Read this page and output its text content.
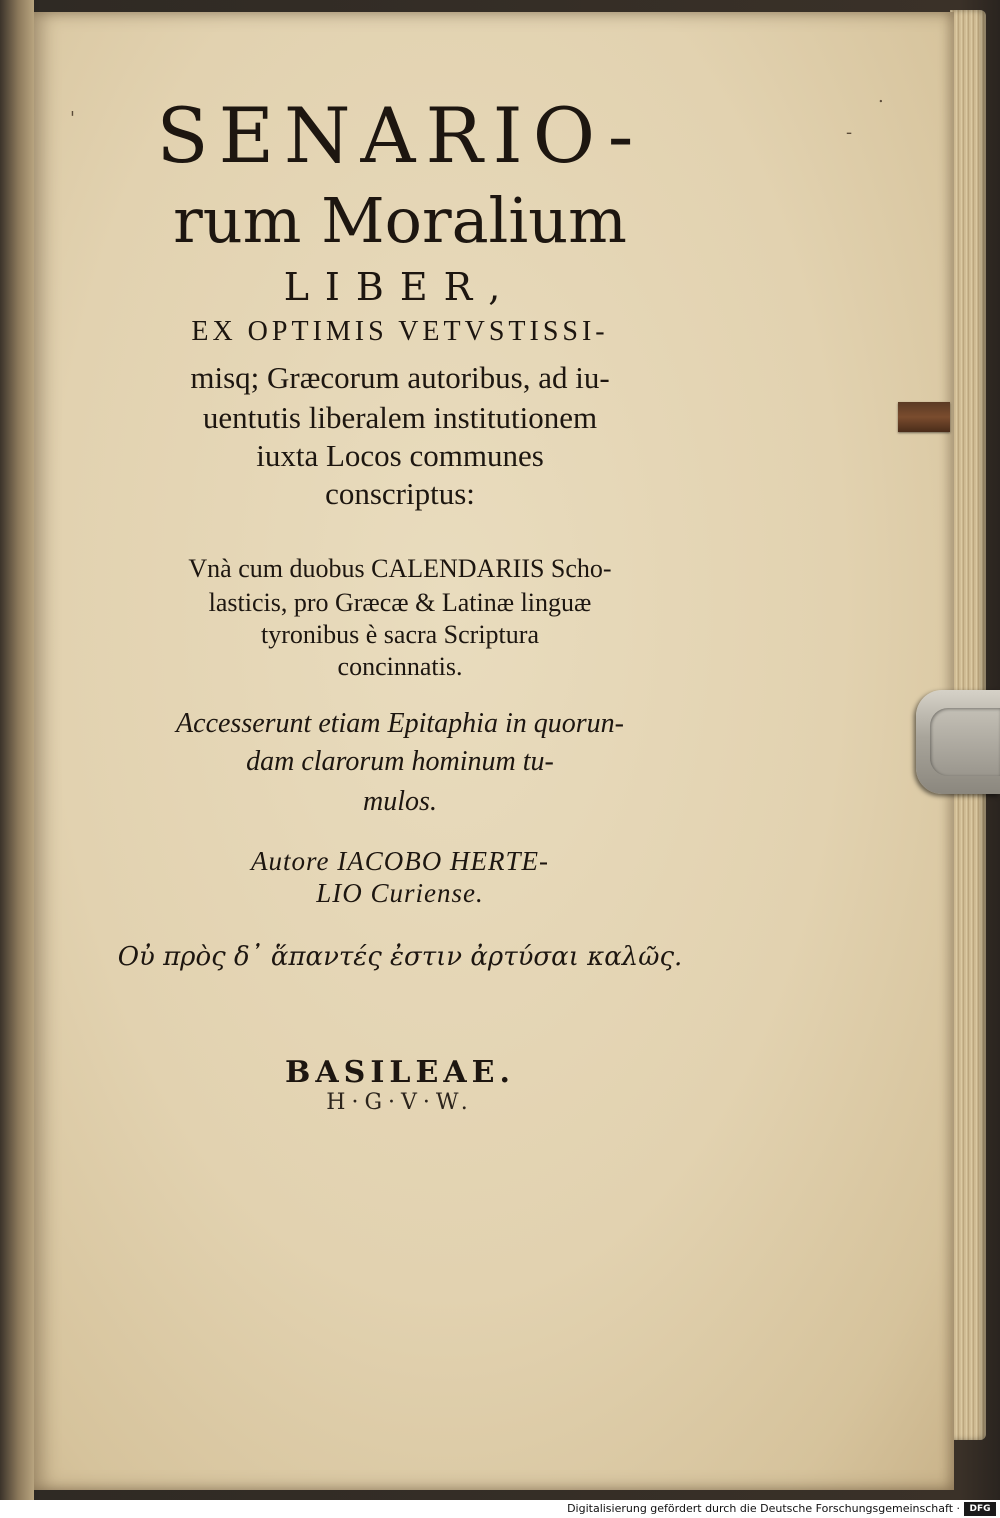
SENARIO-
rum Moralium
LIBER,
EX OPTIMIS VETVSTISSI-
misq; Græcorum autoribus, ad iu-
uentutis liberalem institutionem
iuxta Locos communes
conscriptus:
Vnà cum duobus CALENDARIIS Scho-
lasticis, pro Græcæ & Latinæ linguæ
tyronibus è sacra Scriptura
concinnatis.
Accesserunt etiam Epitaphia in quorun-
dam clarorum hominum tu-
mulos.
Autore IACOBO HERTE-
LIO Curiense.
Οὐ πρὸς δ᾽ ἅπαντές ἐστιν ἀρτύσαι καλῶς.
BASILEAE.
H·G·V·W.
.
-
'
Digitalisierung gefördert durch die Deutsche Forschungsgemeinschaft ·	DFG
